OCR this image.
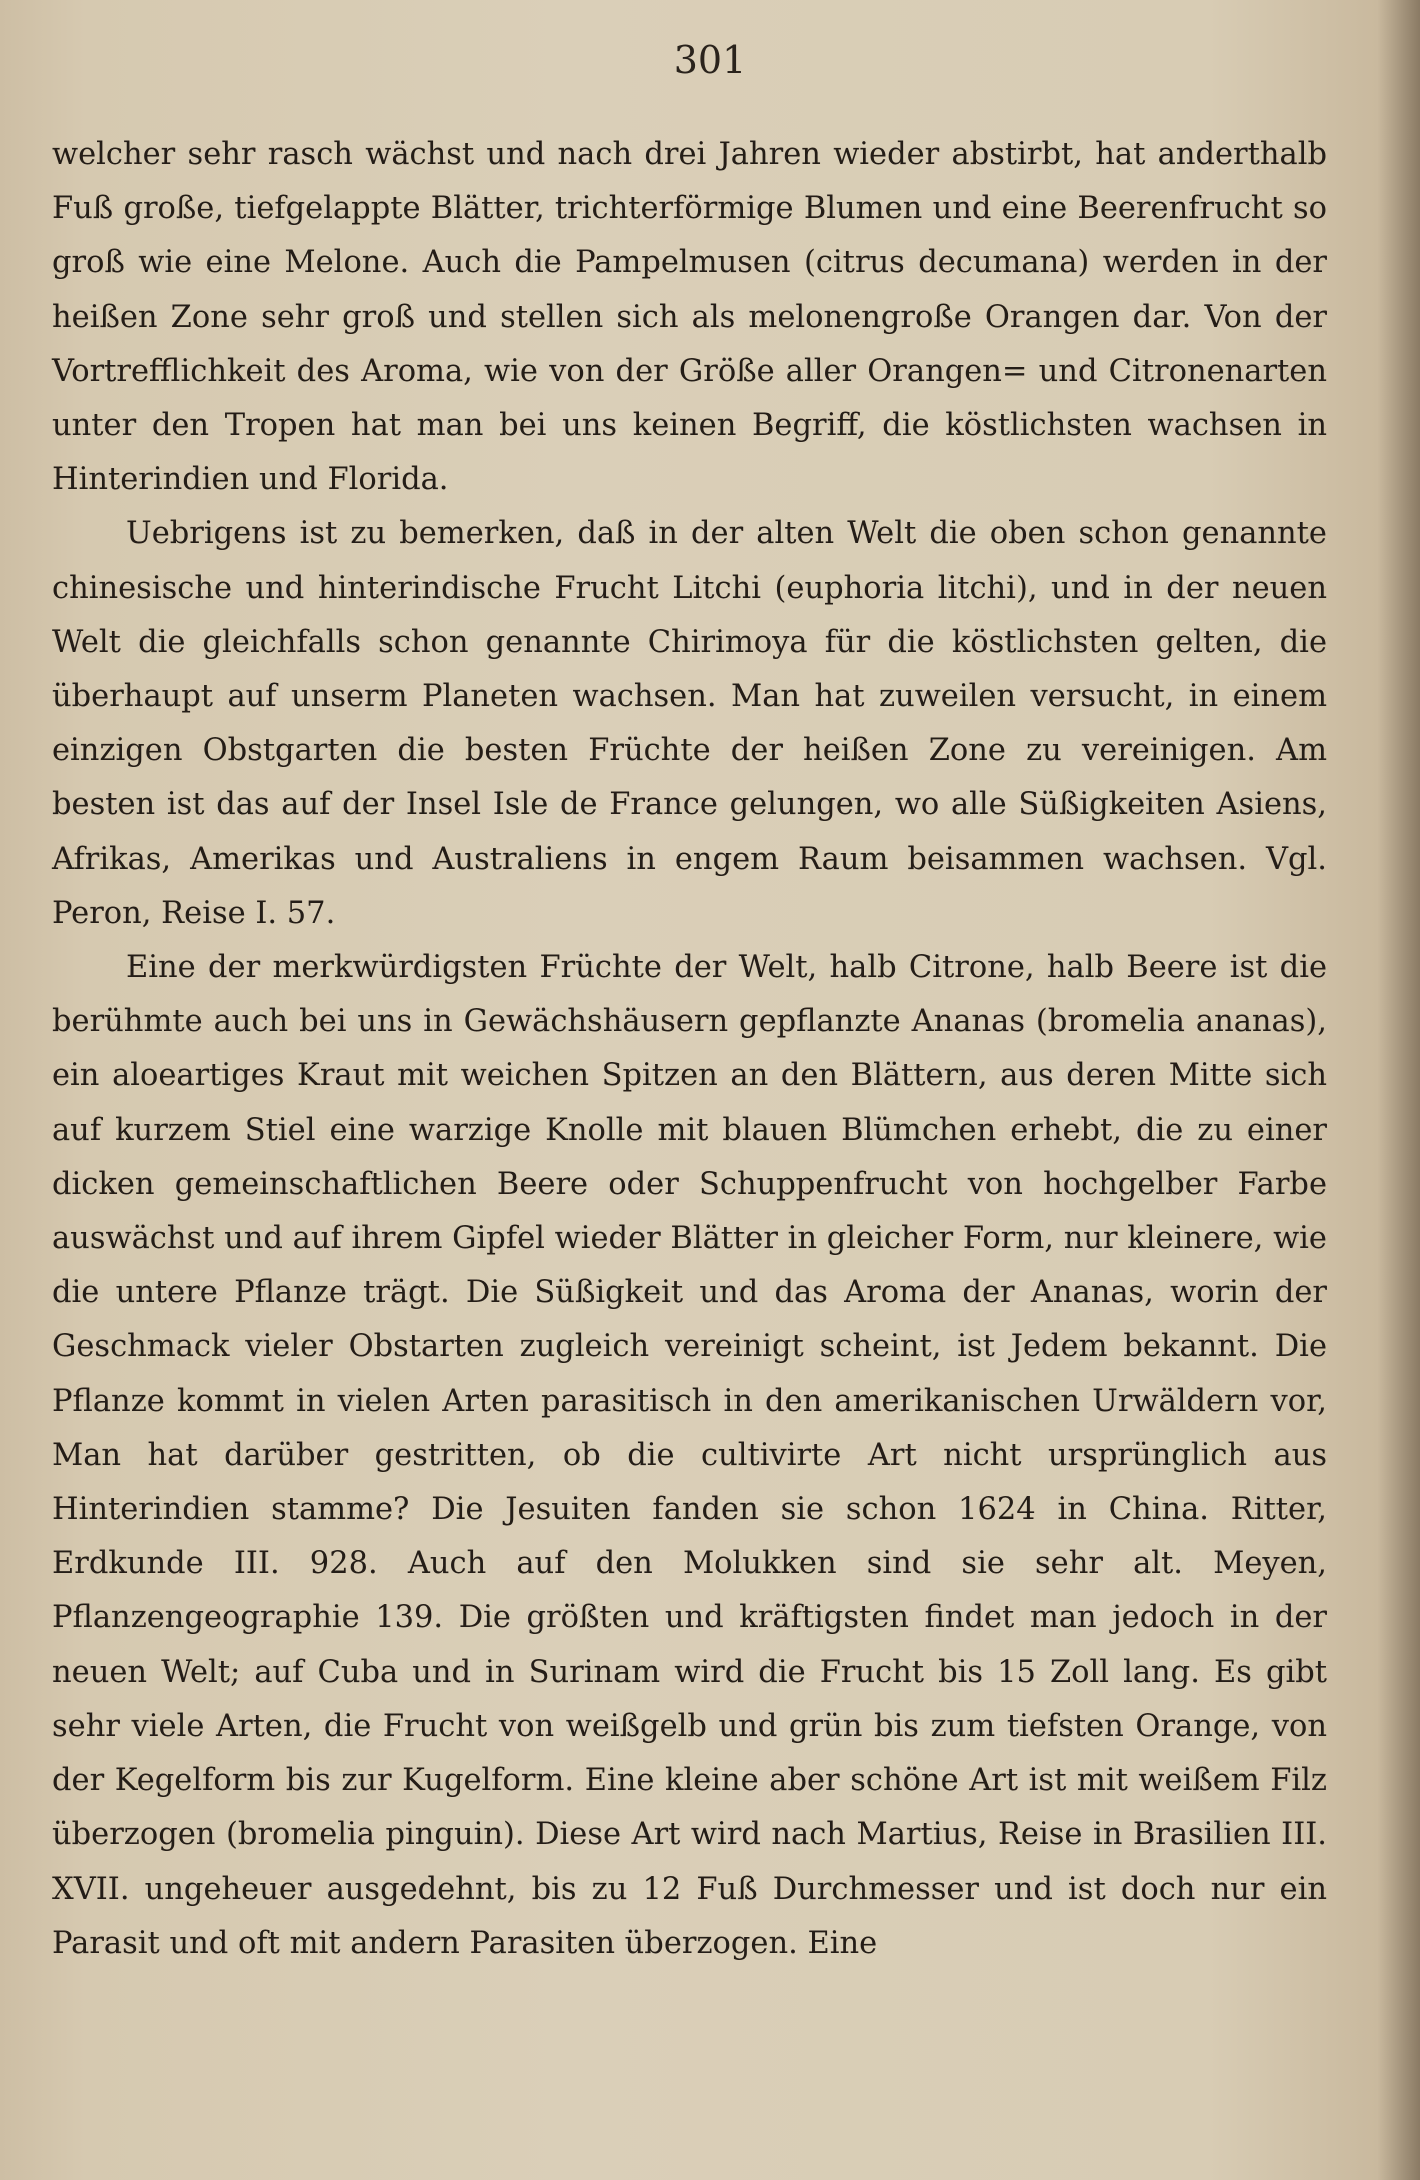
301

welcher sehr rasch wächst und nach drei Jahren wieder abstirbt, hat anderthalb Fuß große, tiefgelappte Blätter, trichterförmige Blumen und eine Beerenfrucht so groß wie eine Melone. Auch die Pampelmusen (citrus decumana) werden in der heißen Zone sehr groß und stellen sich als melonengroße Orangen dar. Von der Vortrefflichkeit des Aroma, wie von der Größe aller Orangen= und Citronenarten unter den Tropen hat man bei uns keinen Begriff, die köstlichsten wachsen in Hinterindien und Florida.

Uebrigens ist zu bemerken, daß in der alten Welt die oben schon genannte chinesische und hinterindische Frucht Litchi (euphoria litchi), und in der neuen Welt die gleichfalls schon genannte Chirimoya für die köstlichsten gelten, die überhaupt auf unserm Planeten wachsen. Man hat zuweilen versucht, in einem einzigen Obstgarten die besten Früchte der heißen Zone zu vereinigen. Am besten ist das auf der Insel Isle de France gelungen, wo alle Süßigkeiten Asiens, Afrikas, Amerikas und Australiens in engem Raum beisammen wachsen. Vgl. Peron, Reise I. 57.

Eine der merkwürdigsten Früchte der Welt, halb Citrone, halb Beere ist die berühmte auch bei uns in Gewächshäusern gepflanzte Ananas (bromelia ananas), ein aloeartiges Kraut mit weichen Spitzen an den Blättern, aus deren Mitte sich auf kurzem Stiel eine warzige Knolle mit blauen Blümchen erhebt, die zu einer dicken gemeinschaftlichen Beere oder Schuppenfrucht von hochgelber Farbe auswächst und auf ihrem Gipfel wieder Blätter in gleicher Form, nur kleinere, wie die untere Pflanze trägt. Die Süßigkeit und das Aroma der Ananas, worin der Geschmack vieler Obstarten zugleich vereinigt scheint, ist Jedem bekannt. Die Pflanze kommt in vielen Arten parasitisch in den amerikanischen Urwäldern vor, Man hat darüber gestritten, ob die cultivirte Art nicht ursprünglich aus Hinterindien stamme? Die Jesuiten fanden sie schon 1624 in China. Ritter, Erdkunde III. 928. Auch auf den Molukken sind sie sehr alt. Meyen, Pflanzengeographie 139. Die größten und kräftigsten findet man jedoch in der neuen Welt; auf Cuba und in Surinam wird die Frucht bis 15 Zoll lang. Es gibt sehr viele Arten, die Frucht von weißgelb und grün bis zum tiefsten Orange, von der Kegelform bis zur Kugelform. Eine kleine aber schöne Art ist mit weißem Filz überzogen (bromelia pinguin). Diese Art wird nach Martius, Reise in Brasilien III. XVII. ungeheuer ausgedehnt, bis zu 12 Fuß Durchmesser und ist doch nur ein Parasit und oft mit andern Parasiten überzogen. Eine
